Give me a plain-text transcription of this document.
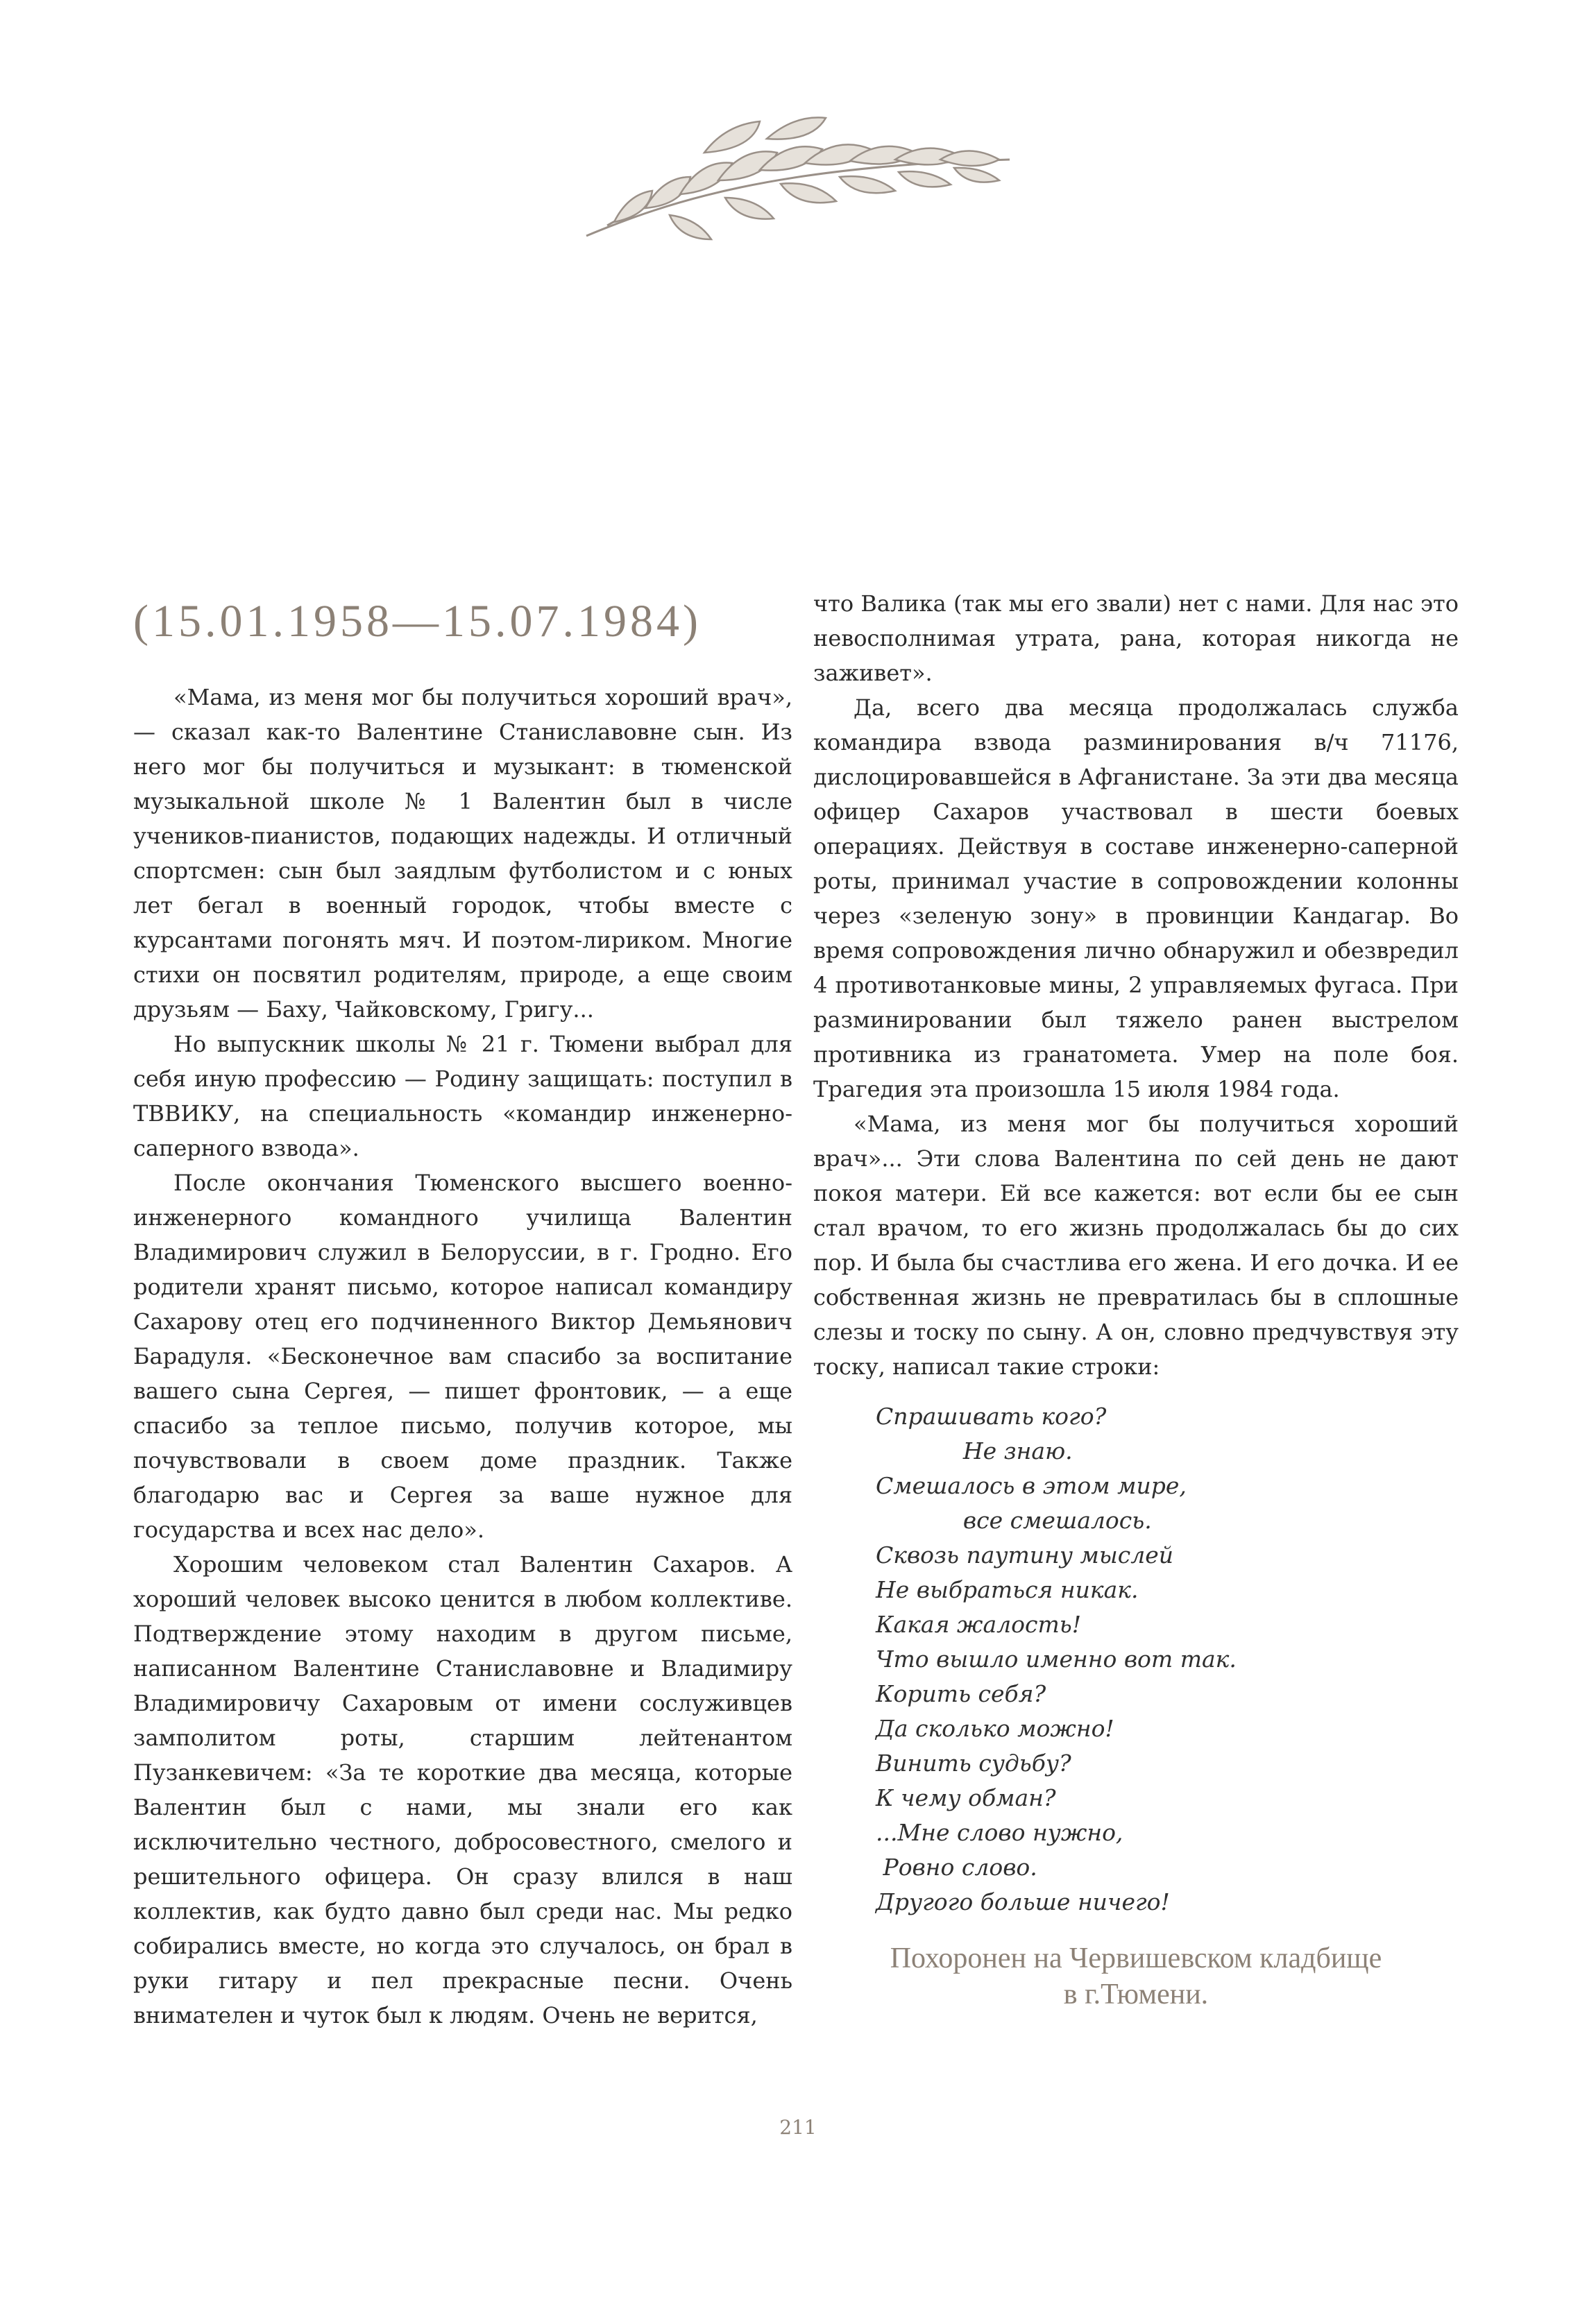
(15.01.1958—15.07.1984)

«Мама, из меня мог бы получиться хороший врач», — сказал как-то Валентине Станиславовне сын. Из него мог бы получиться и музыкант: в тюменской музыкальной школе № 1 Валентин был в числе учеников-пианистов, подающих надежды. И отличный спортсмен: сын был заядлым футболистом и с юных лет бегал в военный городок, чтобы вместе с курсантами погонять мяч. И поэтом-лириком. Многие стихи он посвятил родителям, природе, а еще своим друзьям — Баху, Чайковскому, Григу...

Но выпускник школы № 21 г. Тюмени выбрал для себя иную профессию — Родину защищать: поступил в ТВВИКУ, на специальность «командир инженерно-саперного взвода».

После окончания Тюменского высшего военно-инженерного командного училища Валентин Владимирович служил в Белоруссии, в г. Гродно. Его родители хранят письмо, которое написал командиру Сахарову отец его подчиненного Виктор Демьянович Барадуля. «Бесконечное вам спасибо за воспитание вашего сына Сергея, — пишет фронтовик, — а еще спасибо за теплое письмо, получив которое, мы почувствовали в своем доме праздник. Также благодарю вас и Сергея за ваше нужное для государства и всех нас дело».

Хорошим человеком стал Валентин Сахаров. А хороший человек высоко ценится в любом коллективе. Подтверждение этому находим в другом письме, написанном Валентине Станиславовне и Владимиру Владимировичу Сахаровым от имени сослуживцев замполитом роты, старшим лейтенантом Пузанкевичем: «За те короткие два месяца, которые Валентин был с нами, мы знали его как исключительно честного, добросовестного, смелого и решительного офицера. Он сразу влился в наш коллектив, как будто давно был среди нас. Мы редко собирались вместе, но когда это случалось, он брал в руки гитару и пел прекрасные песни. Очень внимателен и чуток был к людям. Очень не верится,

что Валика (так мы его звали) нет с нами. Для нас это невосполнимая утрата, рана, которая никогда не заживет».

Да, всего два месяца продолжалась служба командира взвода разминирования в/ч 71176, дислоцировавшейся в Афганистане. За эти два месяца офицер Сахаров участвовал в шести боевых операциях. Действуя в составе инженерно-саперной роты, принимал участие в сопровождении колонны через «зеленую зону» в провинции Кандагар. Во время сопровождения лично обнаружил и обезвредил 4 противотанковые мины, 2 управляемых фугаса. При разминировании был тяжело ранен выстрелом противника из гранатомета. Умер на поле боя. Трагедия эта произошла 15 июля 1984 года.

«Мама, из меня мог бы получиться хороший врач»... Эти слова Валентина по сей день не дают покоя матери. Ей все кажется: вот если бы ее сын стал врачом, то его жизнь продолжалась бы до сих пор. И была бы счастлива его жена. И его дочка. И ее собственная жизнь не превратилась бы в сплошные слезы и тоску по сыну. А он, словно предчувствуя эту тоску, написал такие строки:

Спрашивать кого?
Не знаю.
Смешалось в этом мире,
все смешалось.
Сквозь паутину мыслей
Не выбраться никак.
Какая жалость!
Что вышло именно вот так.
Корить себя?
Да сколько можно!
Винить судьбу?
К чему обман?
...Мне слово нужно,
Ровно слово.
Другого больше ничего!
Похоронен на Червишевском кладбище
в г.Тюмени.
211
